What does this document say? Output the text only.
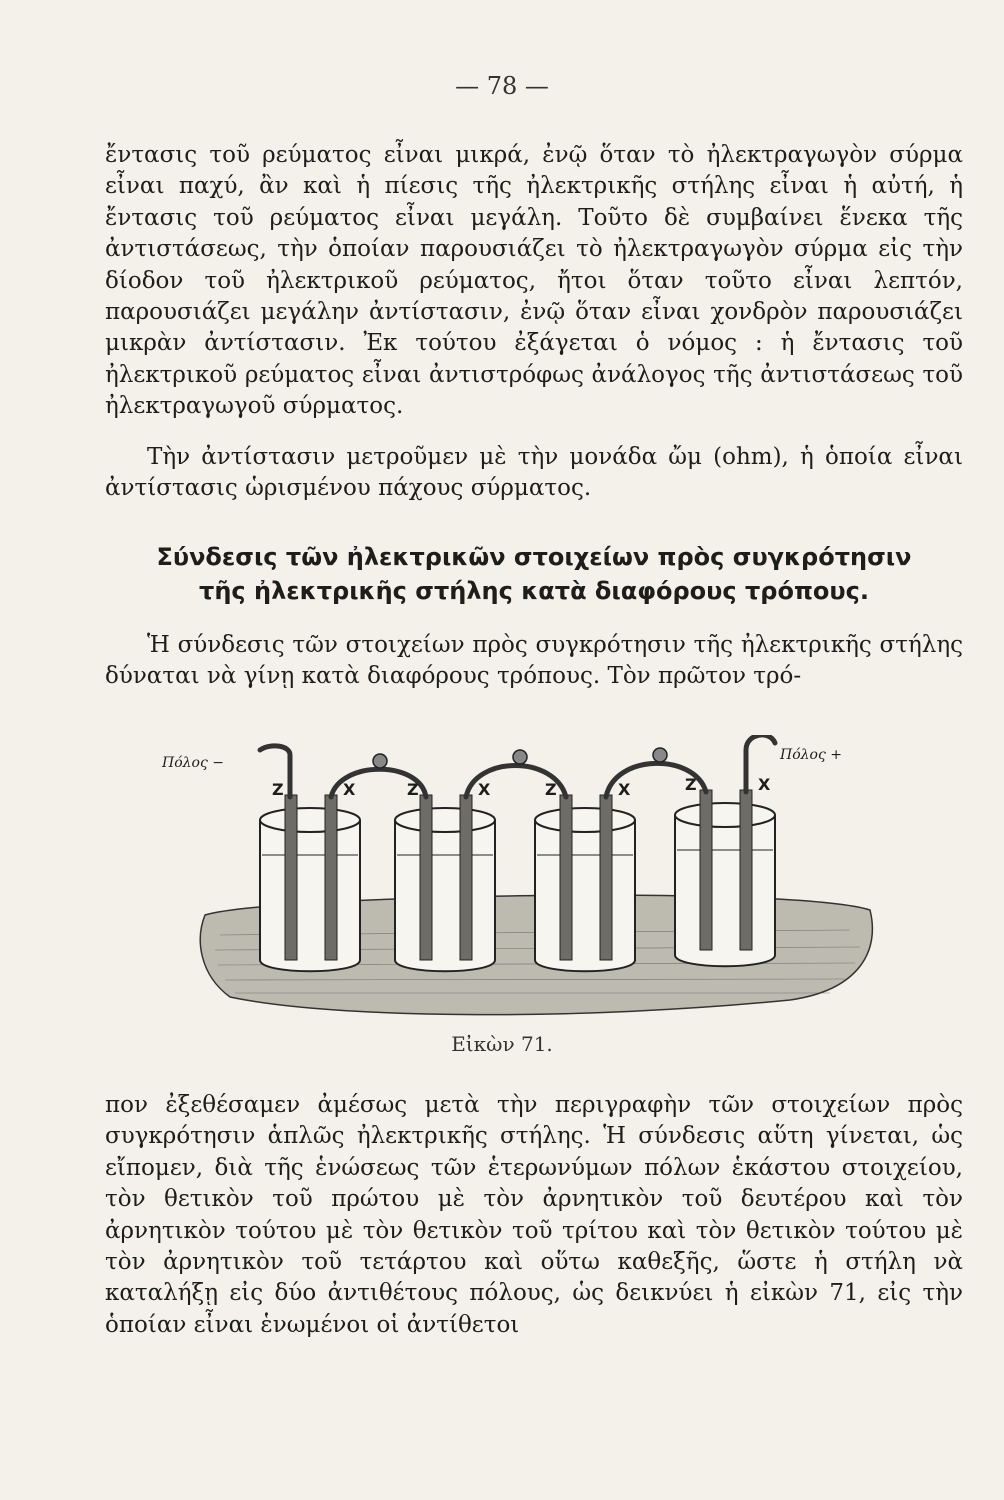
— 78 —

ἔντασις τοῦ ρεύματος εἶναι μικρά, ἐνῷ ὅταν τὸ ἠλεκτραγωγὸν σύρμα εἶναι παχύ, ἂν καὶ ἡ πίεσις τῆς ἠλεκτρικῆς στήλης εἶναι ἡ αὐτή, ἡ ἔντασις τοῦ ρεύματος εἶναι μεγάλη. Τοῦτο δὲ συμβαίνει ἕνεκα τῆς ἀντιστάσεως, τὴν ὁποίαν παρουσιάζει τὸ ἠλεκτραγωγὸν σύρμα εἰς τὴν δίοδον τοῦ ἠλεκτρικοῦ ρεύματος, ἤτοι ὅταν τοῦτο εἶναι λεπτόν, παρουσιάζει μεγάλην ἀντίστασιν, ἐνῷ ὅταν εἶναι χονδρὸν παρουσιάζει μικρὰν ἀντίστασιν. Ἐκ τούτου ἐξάγεται ὁ νόμος : ἡ ἔντασις τοῦ ἠλεκτρικοῦ ρεύματος εἶναι ἀντιστρόφως ἀνάλογος τῆς ἀντιστάσεως τοῦ ἠλεκτραγωγοῦ σύρματος.

Τὴν ἀντίστασιν μετροῦμεν μὲ τὴν μονάδα ὤμ (ohm), ἡ ὁποία εἶναι ἀντίστασις ὡρισμένου πάχους σύρματος.

Σύνδεσις τῶν ἠλεκτρικῶν στοιχείων πρὸς συγκρότησιν

τῆς ἠλεκτρικῆς στήλης κατὰ διαφόρους τρόπους.

Ἡ σύνδεσις τῶν στοιχείων πρὸς συγκρότησιν τῆς ἠλεκτρικῆς στήλης δύναται νὰ γίνῃ κατὰ διαφόρους τρόπους. Τὸν πρῶτον τρό-

Πόλος −	Πόλος +
Z	X	Z	X	Z	X	Z	X
Εἰκὼν 71.

πον ἐξεθέσαμεν ἀμέσως μετὰ τὴν περιγραφὴν τῶν στοιχείων πρὸς συγκρότησιν ἁπλῶς ἠλεκτρικῆς στήλης. Ἡ σύνδεσις αὕτη γίνεται, ὡς εἴπομεν, διὰ τῆς ἑνώσεως τῶν ἑτερωνύμων πόλων ἑκάστου στοιχείου, τὸν θετικὸν τοῦ πρώτου μὲ τὸν ἀρνητικὸν τοῦ δευτέρου καὶ τὸν ἀρνητικὸν τούτου μὲ τὸν θετικὸν τοῦ τρίτου καὶ τὸν θετικὸν τούτου μὲ τὸν ἀρνητικὸν τοῦ τετάρτου καὶ οὕτω καθεξῆς, ὥστε ἡ στήλη νὰ καταλήξῃ εἰς δύο ἀντιθέτους πόλους, ὡς δεικνύει ἡ εἰκὼν 71, εἰς τὴν ὁποίαν εἶναι ἑνωμένοι οἱ ἀντίθετοι
